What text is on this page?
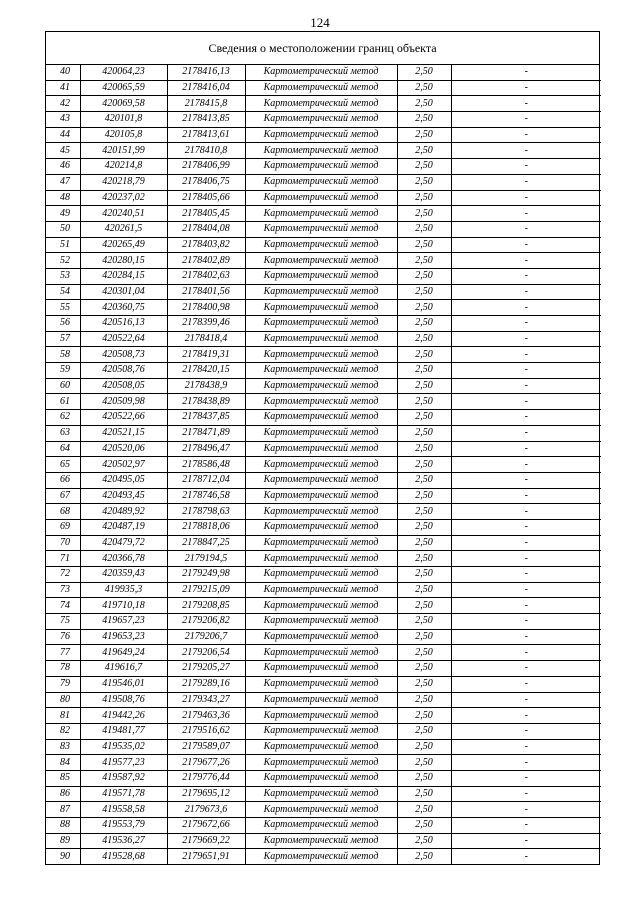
124
Сведения о местоположении границ объекта
40	420064,23	2178416,13	Картометрический метод	2,50	-
41	420065,59	2178416,04	Картометрический метод	2,50	-
42	420069,58	2178415,8	Картометрический метод	2,50	-
43	420101,8	2178413,85	Картометрический метод	2,50	-
44	420105,8	2178413,61	Картометрический метод	2,50	-
45	420151,99	2178410,8	Картометрический метод	2,50	-
46	420214,8	2178406,99	Картометрический метод	2,50	-
47	420218,79	2178406,75	Картометрический метод	2,50	-
48	420237,02	2178405,66	Картометрический метод	2,50	-
49	420240,51	2178405,45	Картометрический метод	2,50	-
50	420261,5	2178404,08	Картометрический метод	2,50	-
51	420265,49	2178403,82	Картометрический метод	2,50	-
52	420280,15	2178402,89	Картометрический метод	2,50	-
53	420284,15	2178402,63	Картометрический метод	2,50	-
54	420301,04	2178401,56	Картометрический метод	2,50	-
55	420360,75	2178400,98	Картометрический метод	2,50	-
56	420516,13	2178399,46	Картометрический метод	2,50	-
57	420522,64	2178418,4	Картометрический метод	2,50	-
58	420508,73	2178419,31	Картометрический метод	2,50	-
59	420508,76	2178420,15	Картометрический метод	2,50	-
60	420508,05	2178438,9	Картометрический метод	2,50	-
61	420509,98	2178438,89	Картометрический метод	2,50	-
62	420522,66	2178437,85	Картометрический метод	2,50	-
63	420521,15	2178471,89	Картометрический метод	2,50	-
64	420520,06	2178496,47	Картометрический метод	2,50	-
65	420502,97	2178586,48	Картометрический метод	2,50	-
66	420495,05	2178712,04	Картометрический метод	2,50	-
67	420493,45	2178746,58	Картометрический метод	2,50	-
68	420489,92	2178798,63	Картометрический метод	2,50	-
69	420487,19	2178818,06	Картометрический метод	2,50	-
70	420479,72	2178847,25	Картометрический метод	2,50	-
71	420366,78	2179194,5	Картометрический метод	2,50	-
72	420359,43	2179249,98	Картометрический метод	2,50	-
73	419935,3	2179215,09	Картометрический метод	2,50	-
74	419710,18	2179208,85	Картометрический метод	2,50	-
75	419657,23	2179206,82	Картометрический метод	2,50	-
76	419653,23	2179206,7	Картометрический метод	2,50	-
77	419649,24	2179206,54	Картометрический метод	2,50	-
78	419616,7	2179205,27	Картометрический метод	2,50	-
79	419546,01	2179289,16	Картометрический метод	2,50	-
80	419508,76	2179343,27	Картометрический метод	2,50	-
81	419442,26	2179463,36	Картометрический метод	2,50	-
82	419481,77	2179516,62	Картометрический метод	2,50	-
83	419535,02	2179589,07	Картометрический метод	2,50	-
84	419577,23	2179677,26	Картометрический метод	2,50	-
85	419587,92	2179776,44	Картометрический метод	2,50	-
86	419571,78	2179695,12	Картометрический метод	2,50	-
87	419558,58	2179673,6	Картометрический метод	2,50	-
88	419553,79	2179672,66	Картометрический метод	2,50	-
89	419536,27	2179669,22	Картометрический метод	2,50	-
90	419528,68	2179651,91	Картометрический метод	2,50	-
